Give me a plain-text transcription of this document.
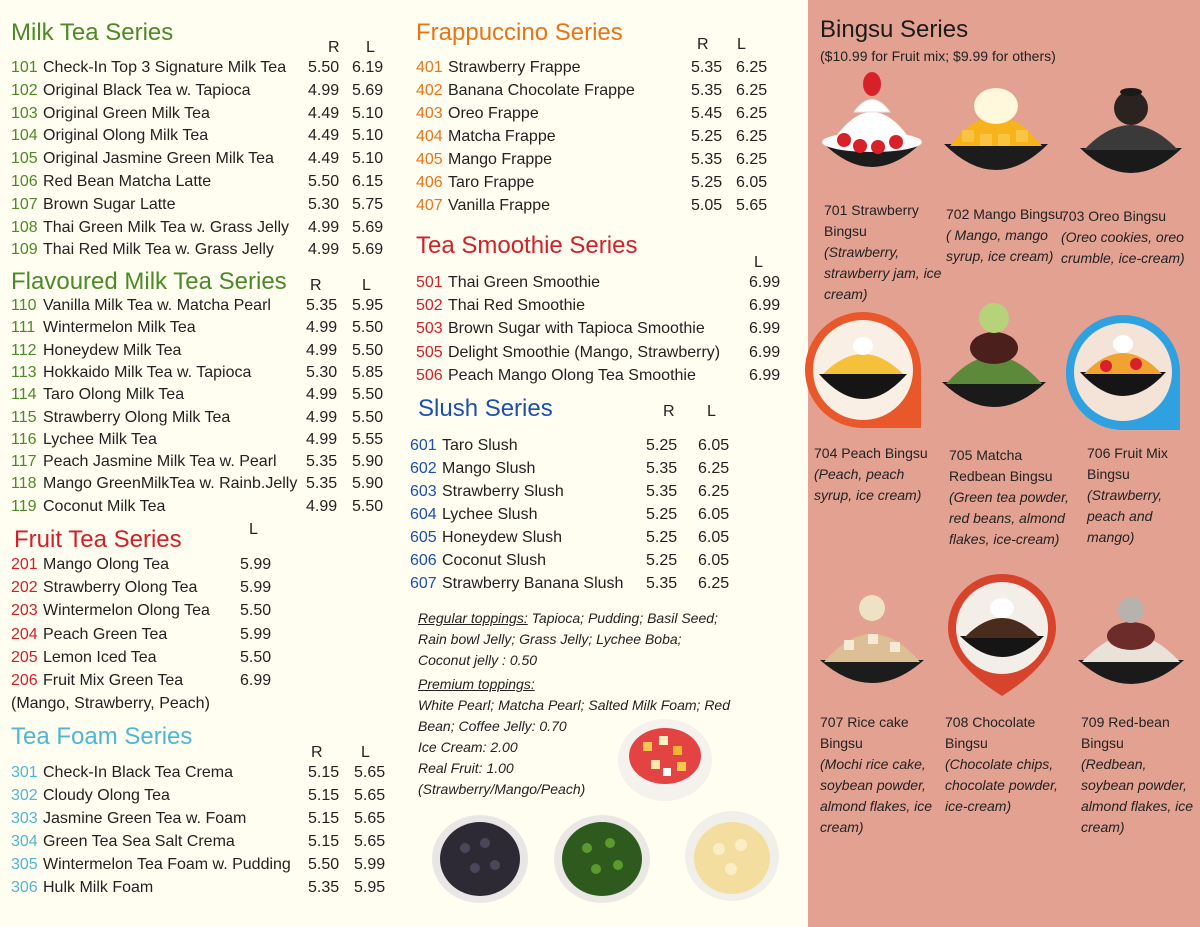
Milk Tea Series
R L
101 Check-In Top 3 Signature Milk Tea 5.50 6.19
102 Original Black Tea w. Tapioca	4.99 5.69
103 Original Green Milk Tea	4.49 5.10
104 Original Olong Milk Tea	4.49 5.10
105 Original Jasmine Green Milk Tea 4.49 5.10
106 Red Bean Matcha Latte	5.50 6.15
107 Brown Sugar Latte	5.30 5.75
108 Thai Green Milk Tea w. Grass Jelly 4.99 5.69
109 Thai Red Milk Tea w. Grass Jelly 4.99 5.69
Flavoured Milk Tea Series R	L
110 Vanilla Milk Tea w. Matcha Pearl 5.35 5.95
111 Wintermelon Milk Tea	4.99 5.50
112 Honeydew Milk Tea	4.99 5.50
113 Hokkaido Milk Tea w. Tapioca	5.30 5.85
114 Taro Olong Milk Tea	4.99 5.50
115 Strawberry Olong Milk Tea	4.99 5.50
116 Lychee Milk Tea	4.99 5.55
117 Peach Jasmine Milk Tea w. Pearl 5.35 5.90
118 Mango GreenMilkTea w. Rainb.Jelly 5.35 5.90
119 Coconut Milk Tea	4.99 5.50
Fruit Tea Series	L
201 Mango Olong Tea	5.99
202 Strawberry Olong Tea	5.99
203 Wintermelon Olong Tea 5.50
204 Peach Green Tea	5.99
205 Lemon Iced Tea	5.50
206 Fruit Mix Green Tea	6.99
(Mango, Strawberry, Peach)
Tea Foam Series
R L
301 Check-In Black Tea Crema	5.15 5.65
302 Cloudy Olong Tea	5.15 5.65
303 Jasmine Green Tea w. Foam	5.15 5.65
304 Green Tea Sea Salt Crema	5.15 5.65
305 Wintermelon Tea Foam w. Pudding 5.50 5.99
306 Hulk Milk Foam	5.35 5.95
Frappuccino Series	R L
401 Strawberry Frappe	5.35 6.25
402 Banana Chocolate Frappe	5.35 6.25
403 Oreo Frappe	5.45 6.25
404 Matcha Frappe	5.25 6.25
405 Mango Frappe	5.35 6.25
406 Taro Frappe	5.25 6.05
407 Vanilla Frappe	5.05 5.65
Tea Smoothie Series
L
501 Thai Green Smoothie	6.99
502 Thai Red Smoothie	6.99
503 Brown Sugar with Tapioca Smoothie	6.99
505 Delight Smoothie (Mango, Strawberry) 6.99
506 Peach Mango Olong Tea Smoothie	6.99
Slush Series	R L
601 Taro Slush	5.25 6.05
602 Mango Slush	5.35 6.25
603 Strawberry Slush	5.35 6.25
604 Lychee Slush	5.25 6.05
605 Honeydew Slush	5.25 6.05
606 Coconut Slush	5.25 6.05
607 Strawberry Banana Slush 5.35 6.25
Regular toppings: Tapioca; Pudding; Basil Seed;
Rain bowl Jelly; Grass Jelly; Lychee Boba;
Coconut jelly : 0.50
Premium toppings:
White Pearl; Matcha Pearl; Salted Milk Foam; Red
Bean; Coffee Jelly: 0.70
Ice Cream: 2.00
Real Fruit: 1.00
(Strawberry/Mango/Peach)
Bingsu Series
($10.99 for Fruit mix; $9.99 for others)
701 Strawberry Bingsu
(Strawberry, strawberry jam, ice cream)
702 Mango Bingsu
( Mango, mango syrup, ice cream)
703 Oreo Bingsu
(Oreo cookies, oreo crumble, ice-cream)
704 Peach Bingsu
(Peach, peach syrup, ice cream)
705 Matcha Redbean Bingsu
(Green tea powder, red beans, almond flakes, ice-cream)
706 Fruit Mix Bingsu
(Strawberry, peach and mango)
707 Rice cake Bingsu
(Mochi rice cake, soybean powder, almond flakes, ice cream)
708 Chocolate Bingsu
(Chocolate chips, chocolate powder, ice-cream)
709 Red-bean Bingsu
(Redbean, soybean powder, almond flakes, ice cream)
